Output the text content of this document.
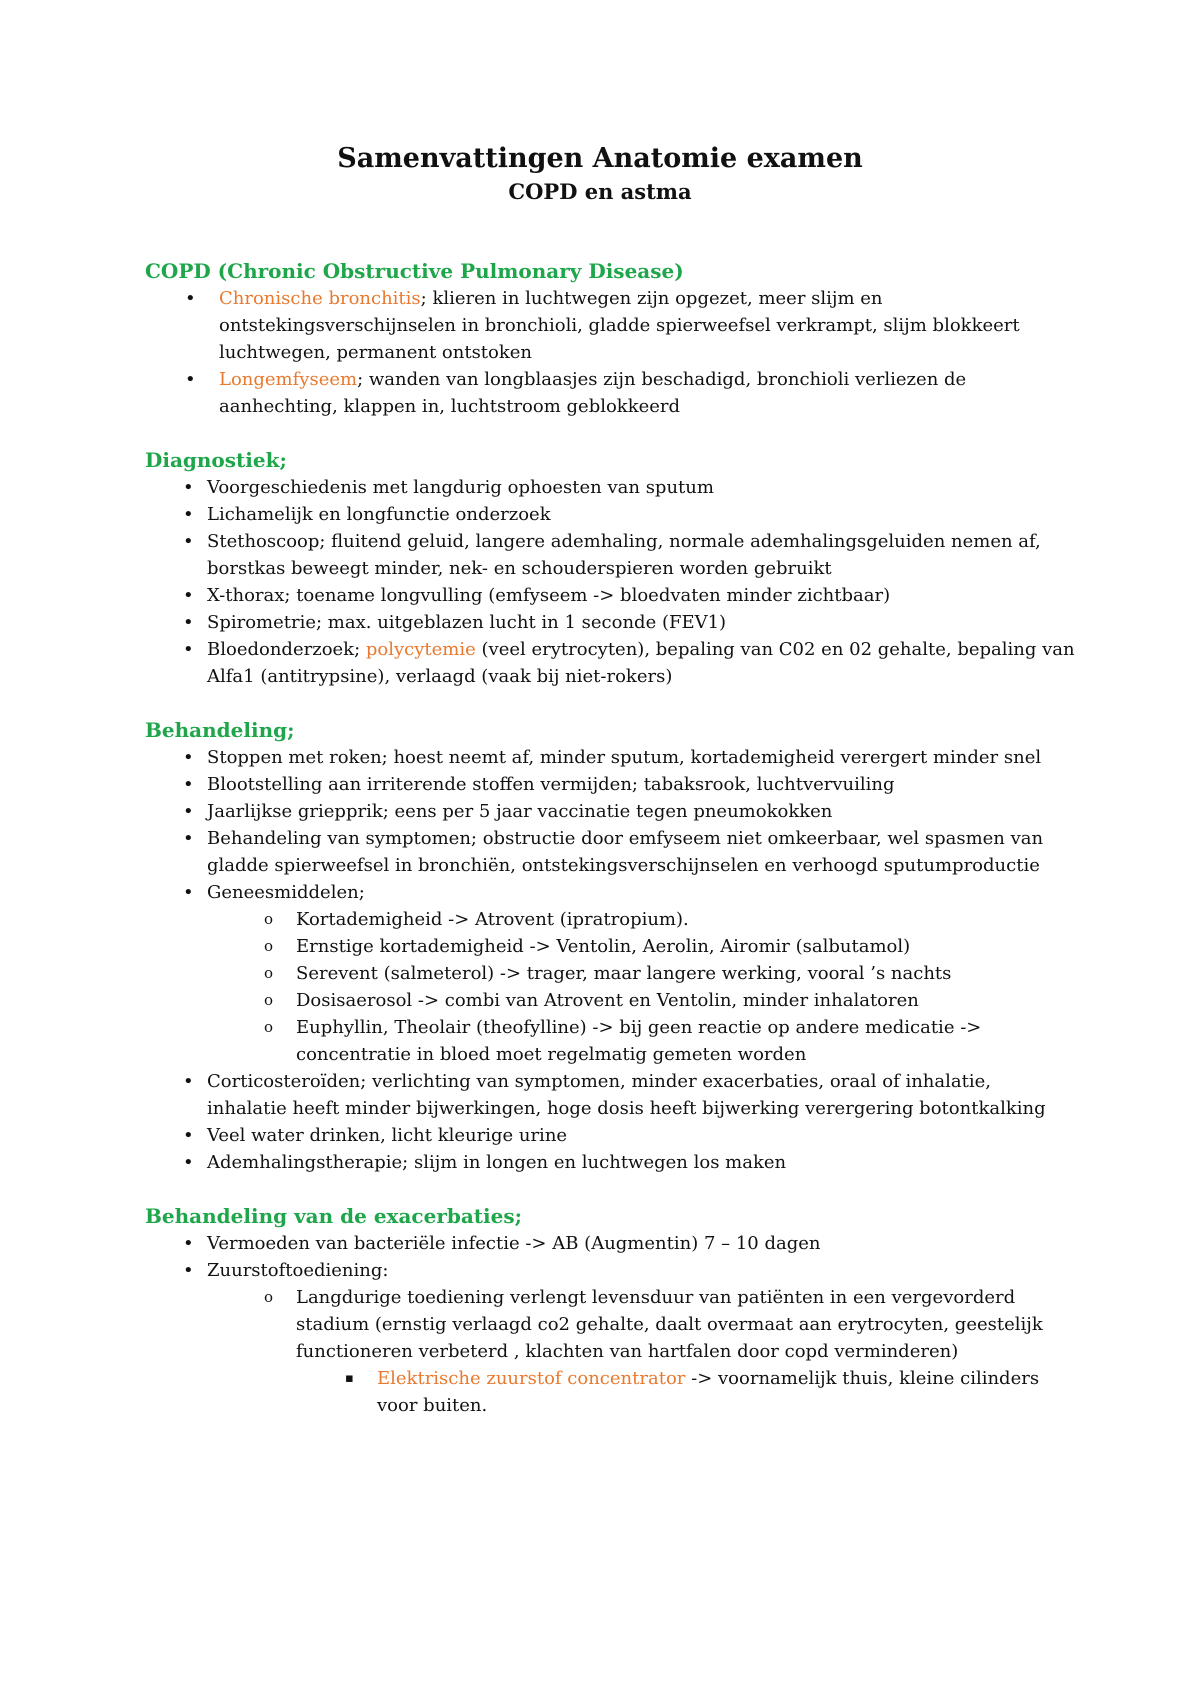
Samenvattingen Anatomie examen
COPD en astma

COPD (Chronic Obstructive Pulmonary Disease)

• Chronische bronchitis; klieren in luchtwegen zijn opgezet, meer slijm en ontstekingsverschijnselen in bronchioli, gladde spierweefsel verkrampt, slijm blokkeert luchtwegen, permanent ontstoken
• Longemfyseem; wanden van longblaasjes zijn beschadigd, bronchioli verliezen de aanhechting, klappen in, luchtstroom geblokkeerd

Diagnostiek;

• Voorgeschiedenis met langdurig ophoesten van sputum
• Lichamelijk en longfunctie onderzoek
• Stethoscoop; fluitend geluid, langere ademhaling, normale ademhalingsgeluiden nemen af, borstkas beweegt minder, nek- en schouderspieren worden gebruikt
• X-thorax; toename longvulling (emfyseem -> bloedvaten minder zichtbaar)
• Spirometrie; max. uitgeblazen lucht in 1 seconde (FEV1)
• Bloedonderzoek; polycytemie (veel erytrocyten), bepaling van C02 en 02 gehalte, bepaling van Alfa1 (antitrypsine), verlaagd (vaak bij niet-rokers)

Behandeling;

• Stoppen met roken; hoest neemt af, minder sputum, kortademigheid verergert minder snel
• Blootstelling aan irriterende stoffen vermijden; tabaksrook, luchtvervuiling
• Jaarlijkse griepprik; eens per 5 jaar vaccinatie tegen pneumokokken
• Behandeling van symptomen; obstructie door emfyseem niet omkeerbaar, wel spasmen van gladde spierweefsel in bronchiën, ontstekingsverschijnselen en verhoogd sputumproductie
• Geneesmiddelen;
o Kortademigheid -> Atrovent (ipratropium).
o Ernstige kortademigheid -> Ventolin, Aerolin, Airomir (salbutamol)
o Serevent (salmeterol) -> trager, maar langere werking, vooral ’s nachts
o Dosisaerosol -> combi van Atrovent en Ventolin, minder inhalatoren
o Euphyllin, Theolair (theofylline) -> bij geen reactie op andere medicatie -> concentratie in bloed moet regelmatig gemeten worden
• Corticosteroïden; verlichting van symptomen, minder exacerbaties, oraal of inhalatie, inhalatie heeft minder bijwerkingen, hoge dosis heeft bijwerking verergering botontkalking
• Veel water drinken, licht kleurige urine
• Ademhalingstherapie; slijm in longen en luchtwegen los maken

Behandeling van de exacerbaties;

• Vermoeden van bacteriële infectie -> AB (Augmentin) 7 – 10 dagen
• Zuurstoftoediening:
o Langdurige toediening verlengt levensduur van patiënten in een vergevorderd stadium (ernstig verlaagd co2 gehalte, daalt overmaat aan erytrocyten, geestelijk functioneren verbeterd , klachten van hartfalen door copd verminderen)
▪ Elektrische zuurstof concentrator -> voornamelijk thuis, kleine cilinders voor buiten.
